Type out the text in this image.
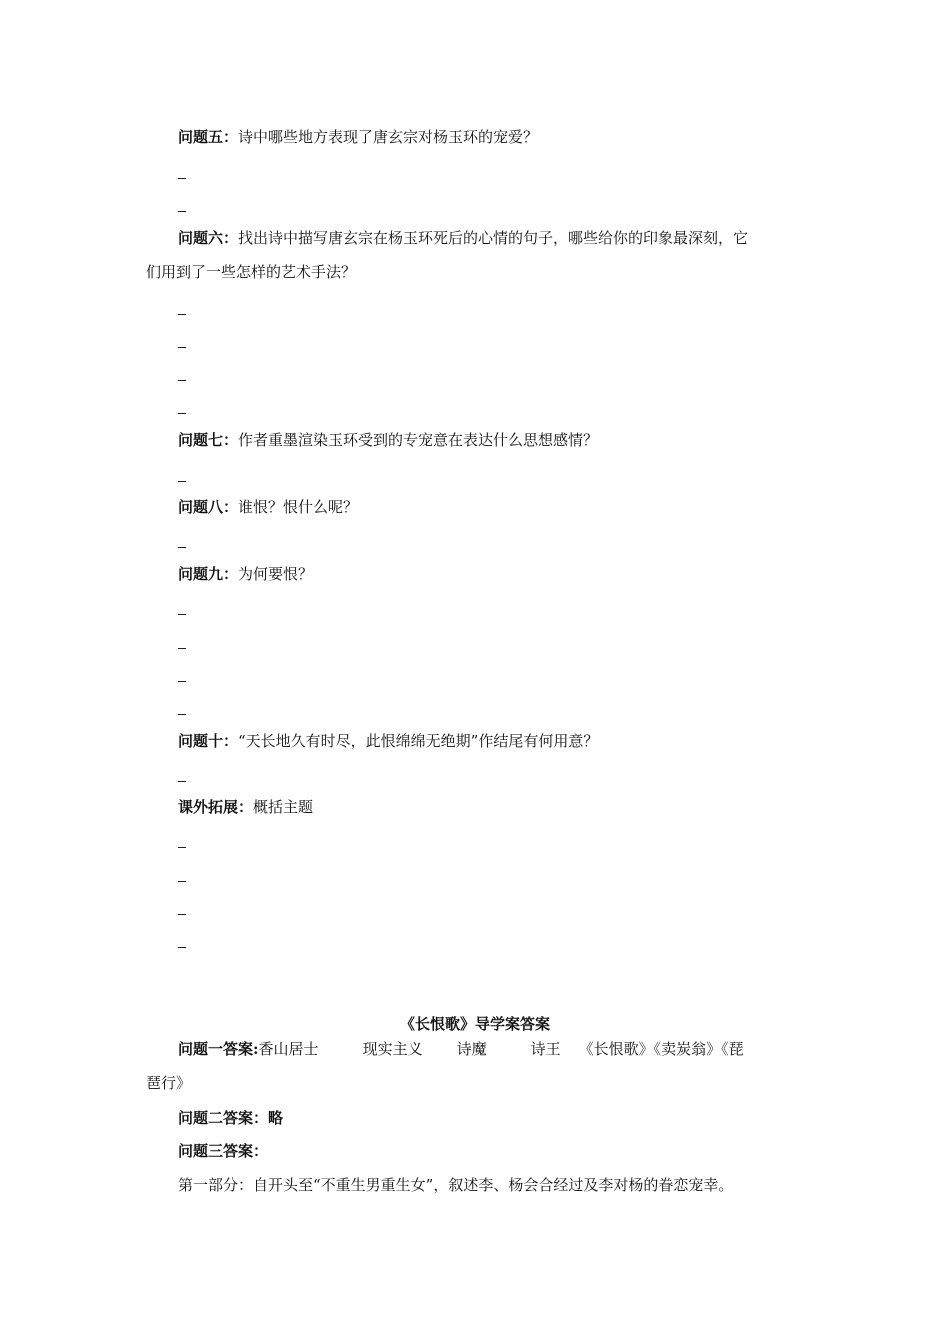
问题五：诗中哪些地方表现了唐玄宗对杨玉环的宠爱？
问题六：找出诗中描写唐玄宗在杨玉环死后的心情的句子，哪些给你的印象最深刻，它
们用到了一些怎样的艺术手法？
问题七：作者重墨渲染玉环受到的专宠意在表达什么思想感情？
问题八：谁恨？恨什么呢？
问题九：为何要恨？
问题十：“天长地久有时尽，此恨绵绵无绝期”作结尾有何用意？
课外拓展：概括主题
《长恨歌》导学案答案
问题一答案:香山居士	现实主义 诗魔	诗王 《长恨歌》《卖炭翁》《琵
琶行》
问题二答案：略
问题三答案：
第一部分：自开头至“不重生男重生女”，叙述李、杨会合经过及李对杨的眷恋宠幸。
